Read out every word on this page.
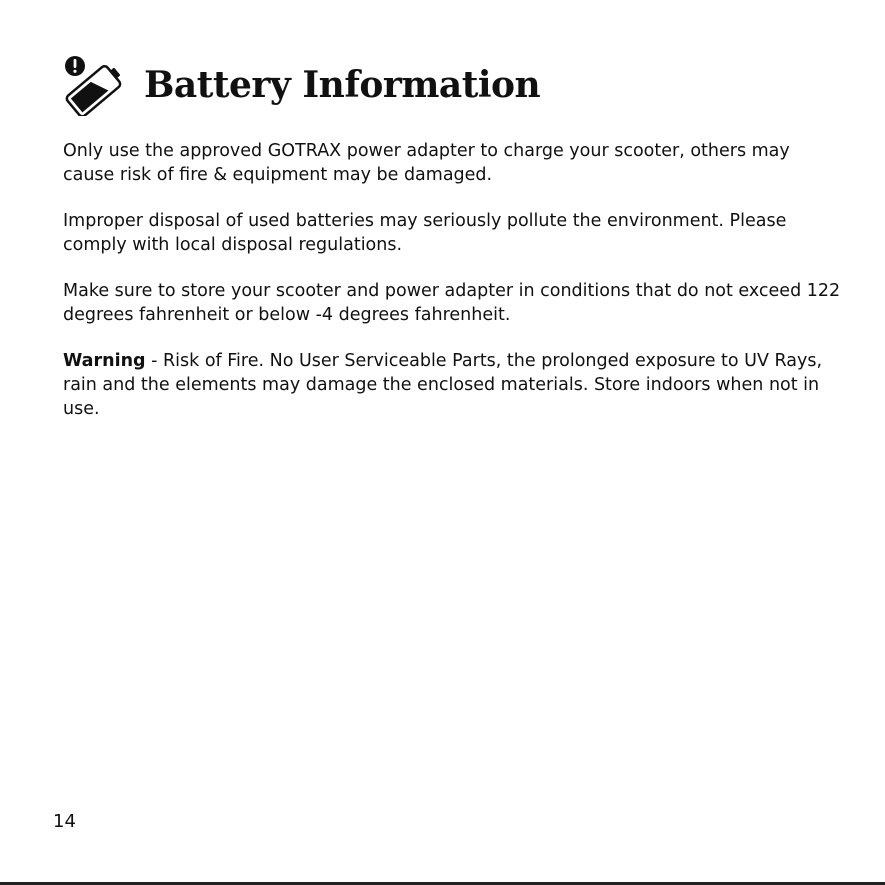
Battery Information

Only use the approved GOTRAX power adapter to charge your scooter, others may cause risk of fire & equipment may be damaged.

Improper disposal of used batteries may seriously pollute the environment. Please comply with local disposal regulations.

Make sure to store your scooter and power adapter in conditions that do not exceed 122 degrees fahrenheit or below -4 degrees fahrenheit.

Warning - Risk of Fire. No User Serviceable Parts, the prolonged exposure to UV Rays, rain and the elements may damage the enclosed materials. Store indoors when not in use.

14
